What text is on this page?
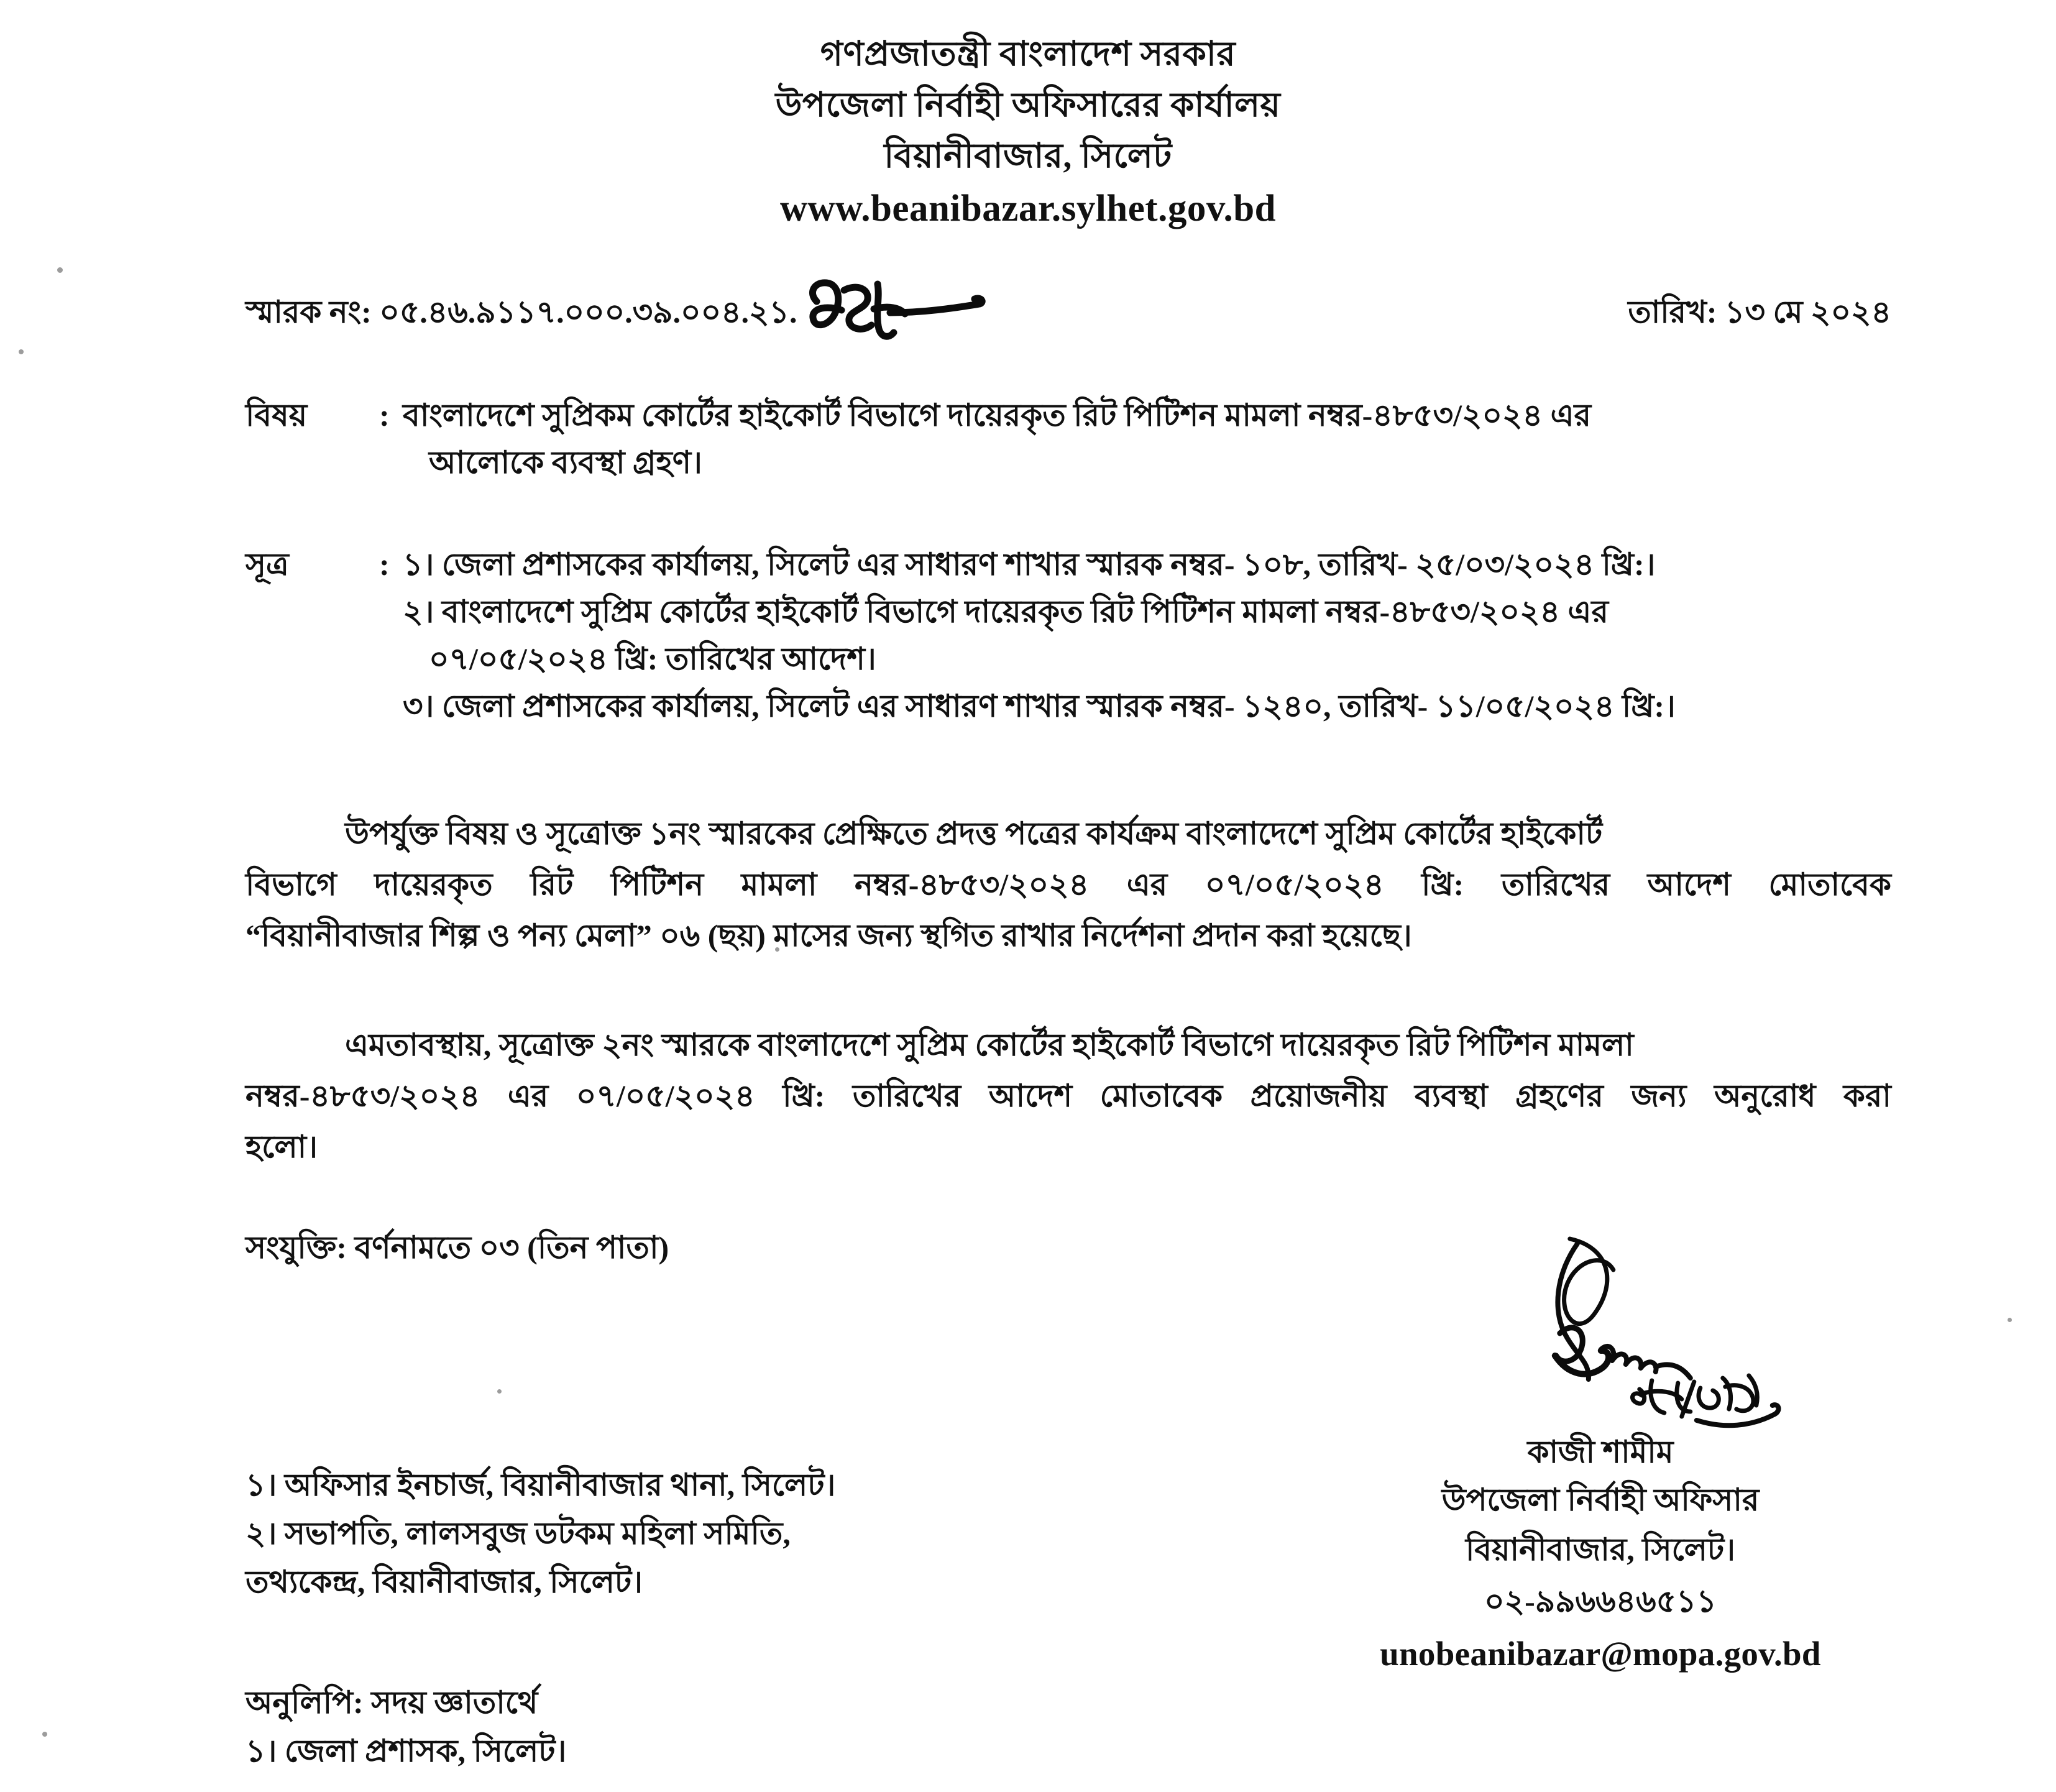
গণপ্রজাতন্ত্রী বাংলাদেশ সরকার
উপজেলা নির্বাহী অফিসারের কার্যালয়
বিয়ানীবাজার, সিলেট
www.beanibazar.sylhet.gov.bd
স্মারক নং: ০৫.৪৬.৯১১৭.০০০.৩৯.০০৪.২১.	তারিখ: ১৩ মে ২০২৪
বিষয়	: বাংলাদেশে সুপ্রিকম কোর্টের হাইকোর্ট বিভাগে দায়েরকৃত রিট পিটিশন মামলা নম্বর-৪৮৫৩/২০২৪ এর
আলোকে ব্যবস্থা গ্রহণ।
সূত্র	: ১। জেলা প্রশাসকের কার্যালয়, সিলেট এর সাধারণ শাখার স্মারক নম্বর- ১০৮, তারিখ- ২৫/০৩/২০২৪ খ্রি:।
২। বাংলাদেশে সুপ্রিম কোর্টের হাইকোর্ট বিভাগে দায়েরকৃত রিট পিটিশন মামলা নম্বর-৪৮৫৩/২০২৪ এর
০৭/০৫/২০২৪ খ্রি: তারিখের আদেশ।
৩। জেলা প্রশাসকের কার্যালয়, সিলেট এর সাধারণ শাখার স্মারক নম্বর- ১২৪০, তারিখ- ১১/০৫/২০২৪ খ্রি:।
উপর্যুক্ত বিষয় ও সূত্রোক্ত ১নং স্মারকের প্রেক্ষিতে প্রদত্ত পত্রের কার্যক্রম বাংলাদেশে সুপ্রিম কোর্টের হাইকোর্ট
বিভাগে দায়েরকৃত রিট পিটিশন মামলা নম্বর-৪৮৫৩/২০২৪ এর ০৭/০৫/২০২৪ খ্রি: তারিখের আদেশ মোতাবেক
“বিয়ানীবাজার শিল্প ও পন্য মেলা” ০৬ (ছয়) মাসের জন্য স্থগিত রাখার নির্দেশনা প্রদান করা হয়েছে।
এমতাবস্থায়, সূত্রোক্ত ২নং স্মারকে বাংলাদেশে সুপ্রিম কোর্টের হাইকোর্ট বিভাগে দায়েরকৃত রিট পিটিশন মামলা
নম্বর-৪৮৫৩/২০২৪ এর ০৭/০৫/২০২৪ খ্রি: তারিখের আদেশ মোতাবেক প্রয়োজনীয় ব্যবস্থা গ্রহণের জন্য অনুরোধ করা
হলো।
সংযুক্তি: বর্ণনামতে ০৩ (তিন পাতা)
কাজী শামীম
উপজেলা নির্বাহী অফিসার
বিয়ানীবাজার, সিলেট।
০২-৯৯৬৬৪৬৫১১
unobeanibazar@mopa.gov.bd
১। অফিসার ইনচার্জ, বিয়ানীবাজার থানা, সিলেট।
২। সভাপতি, লালসবুজ ডটকম মহিলা সমিতি,
তথ্যকেন্দ্র, বিয়ানীবাজার, সিলেট।
অনুলিপি: সদয় জ্ঞাতার্থে
১। জেলা প্রশাসক, সিলেট।
